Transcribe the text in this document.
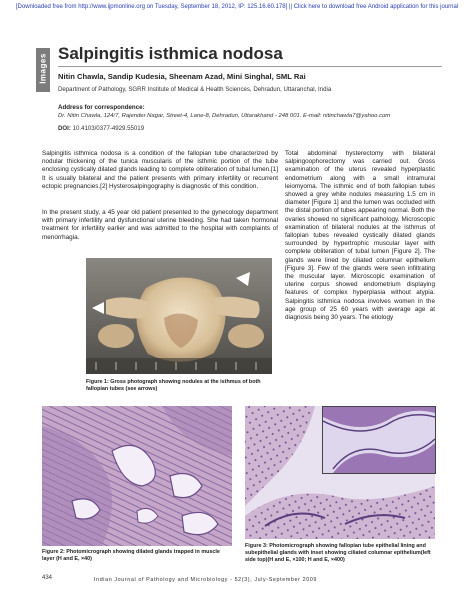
[Downloaded free from http://www.ijpmonline.org on Tuesday, September 18, 2012, IP: 125.16.60.178] || Click here to download free Android application for this journal
Images Salpingitis isthmica nodosa
Nitin Chawla, Sandip Kudesia, Sheenam Azad, Mini Singhal, SML Rai
Department of Pathology, SGRR Institute of Medical & Health Sciences, Dehradun, Uttaranchal, India
Address for correspondence:
Dr. Nitin Chawla, 124/7, Rajender Nagar, Street-4, Lane-8, Dehradun, Uttarakhand - 248 001. E-mail: nitinchawla7@yahoo.com
DOI: 10.4103/0377-4929.55019
Salpingitis isthmica nodosa is a condition of the fallopian tube characterized by nodular thickening of the tunica muscularis of the isthmic portion of the tube enclosing cystically dilated glands leading to complete obliteration of tubal lumen.[1] It is usually bilateral and the patient presents with primary infertility or recurrent ectopic pregnancies.[2] Hysterosalpingography is diagnostic of this condition.
In the present study, a 45 year old patient presented to the gynecology department with primary infertility and dysfunctional uterine bleeding. She had taken hormonal treatment for infertility earlier and was admitted to the hospital with complaints of menorrhagia.
Total abdominal hysterectomy with bilateral salpingoophorectomy was carried out. Gross examination of the uterus revealed hyperplastic endometrium along with a small intramural leiomyoma. The isthmic end of both fallopian tubes showed a grey white nodules measuring 1.5 cm in diameter [Figure 1] and the lumen was occluded with the distal portion of tubes appearing normal. Both the ovaries showed no significant pathology. Microscopic examination of bilateral nodules at the isthmus of fallopian tubes revealed cystically dilated glands surrounded by hypertrophic muscular layer with complete obliteration of tubal lumen [Figure 2]. The glands were lined by ciliated columnar epithelium [Figure 3]. Few of the glands were seen infiltrating the muscular layer. Microscopic examination of uterine corpus showed endometrium displaying features of complex hyperplasia without atypia. Salpingitis isthmica nodosa involves women in the age group of 25 60 years with average age at diagnosis being 30 years. The etiology
Figure 1: Gross photograph showing nodules at the isthmus of both fallopian tubes (see arrows)
Figure 2: Photomicrograph showing dilated glands trapped in muscle layer (H and E, ×40)
Figure 3: Photomicrograph showing fallopian tube epithelial lining and subepithelial glands with inset showing ciliated columnar epithelium(left side top)(H and E, ×100; H and E, ×400)
434	Indian Journal of Pathology and Microbiology - 52(3), July-September 2009
